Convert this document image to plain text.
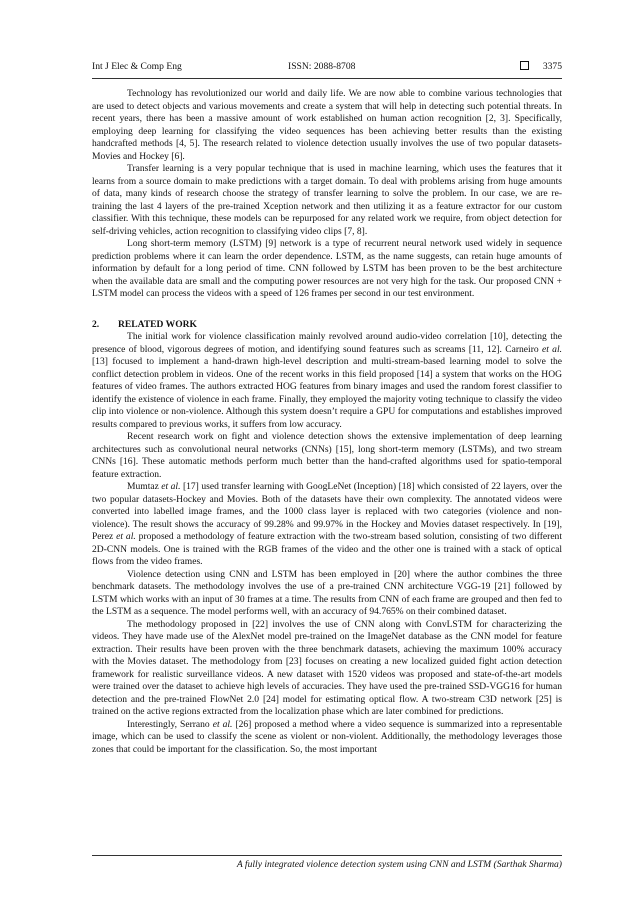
Int J Elec & Comp Eng	ISSN: 2088-8708	3375

Technology has revolutionized our world and daily life. We are now able to combine various technologies that are used to detect objects and various movements and create a system that will help in detecting such potential threats. In recent years, there has been a massive amount of work established on human action recognition [2, 3]. Specifically, employing deep learning for classifying the video sequences has been achieving better results than the existing handcrafted methods [4, 5]. The research related to violence detection usually involves the use of two popular datasets-Movies and Hockey [6].

Transfer learning is a very popular technique that is used in machine learning, which uses the features that it learns from a source domain to make predictions with a target domain. To deal with problems arising from huge amounts of data, many kinds of research choose the strategy of transfer learning to solve the problem. In our case, we are re-training the last 4 layers of the pre-trained Xception network and then utilizing it as a feature extractor for our custom classifier. With this technique, these models can be repurposed for any related work we require, from object detection for self-driving vehicles, action recognition to classifying video clips [7, 8].

Long short-term memory (LSTM) [9] network is a type of recurrent neural network used widely in sequence prediction problems where it can learn the order dependence. LSTM, as the name suggests, can retain huge amounts of information by default for a long period of time. CNN followed by LSTM has been proven to be the best architecture when the available data are small and the computing power resources are not very high for the task. Our proposed CNN + LSTM model can process the videos with a speed of 126 frames per second in our test environment.

2. RELATED WORK

The initial work for violence classification mainly revolved around audio-video correlation [10], detecting the presence of blood, vigorous degrees of motion, and identifying sound features such as screams [11, 12]. Carneiro et al. [13] focused to implement a hand-drawn high-level description and multi-stream-based learning model to solve the conflict detection problem in videos. One of the recent works in this field proposed [14] a system that works on the HOG features of video frames. The authors extracted HOG features from binary images and used the random forest classifier to identify the existence of violence in each frame. Finally, they employed the majority voting technique to classify the video clip into violence or non-violence. Although this system doesn’t require a GPU for computations and establishes improved results compared to previous works, it suffers from low accuracy.

Recent research work on fight and violence detection shows the extensive implementation of deep learning architectures such as convolutional neural networks (CNNs) [15], long short-term memory (LSTMs), and two stream CNNs [16]. These automatic methods perform much better than the hand-crafted algorithms used for spatio-temporal feature extraction.

Mumtaz et al. [17] used transfer learning with GoogLeNet (Inception) [18] which consisted of 22 layers, over the two popular datasets-Hockey and Movies. Both of the datasets have their own complexity. The annotated videos were converted into labelled image frames, and the 1000 class layer is replaced with two categories (violence and non-violence). The result shows the accuracy of 99.28% and 99.97% in the Hockey and Movies dataset respectively. In [19], Perez et al. proposed a methodology of feature extraction with the two-stream based solution, consisting of two different 2D-CNN models. One is trained with the RGB frames of the video and the other one is trained with a stack of optical flows from the video frames.

Violence detection using CNN and LSTM has been employed in [20] where the author combines the three benchmark datasets. The methodology involves the use of a pre-trained CNN architecture VGG-19 [21] followed by LSTM which works with an input of 30 frames at a time. The results from CNN of each frame are grouped and then fed to the LSTM as a sequence. The model performs well, with an accuracy of 94.765% on their combined dataset.

The methodology proposed in [22] involves the use of CNN along with ConvLSTM for characterizing the videos. They have made use of the AlexNet model pre-trained on the ImageNet database as the CNN model for feature extraction. Their results have been proven with the three benchmark datasets, achieving the maximum 100% accuracy with the Movies dataset. The methodology from [23] focuses on creating a new localized guided fight action detection framework for realistic surveillance videos. A new dataset with 1520 videos was proposed and state-of-the-art models were trained over the dataset to achieve high levels of accuracies. They have used the pre-trained SSD-VGG16 for human detection and the pre-trained FlowNet 2.0 [24] model for estimating optical flow. A two-stream C3D network [25] is trained on the active regions extracted from the localization phase which are later combined for predictions.

Interestingly, Serrano et al. [26] proposed a method where a video sequence is summarized into a representable image, which can be used to classify the scene as violent or non-violent. Additionally, the methodology leverages those zones that could be important for the classification. So, the most important

A fully integrated violence detection system using CNN and LSTM (Sarthak Sharma)
